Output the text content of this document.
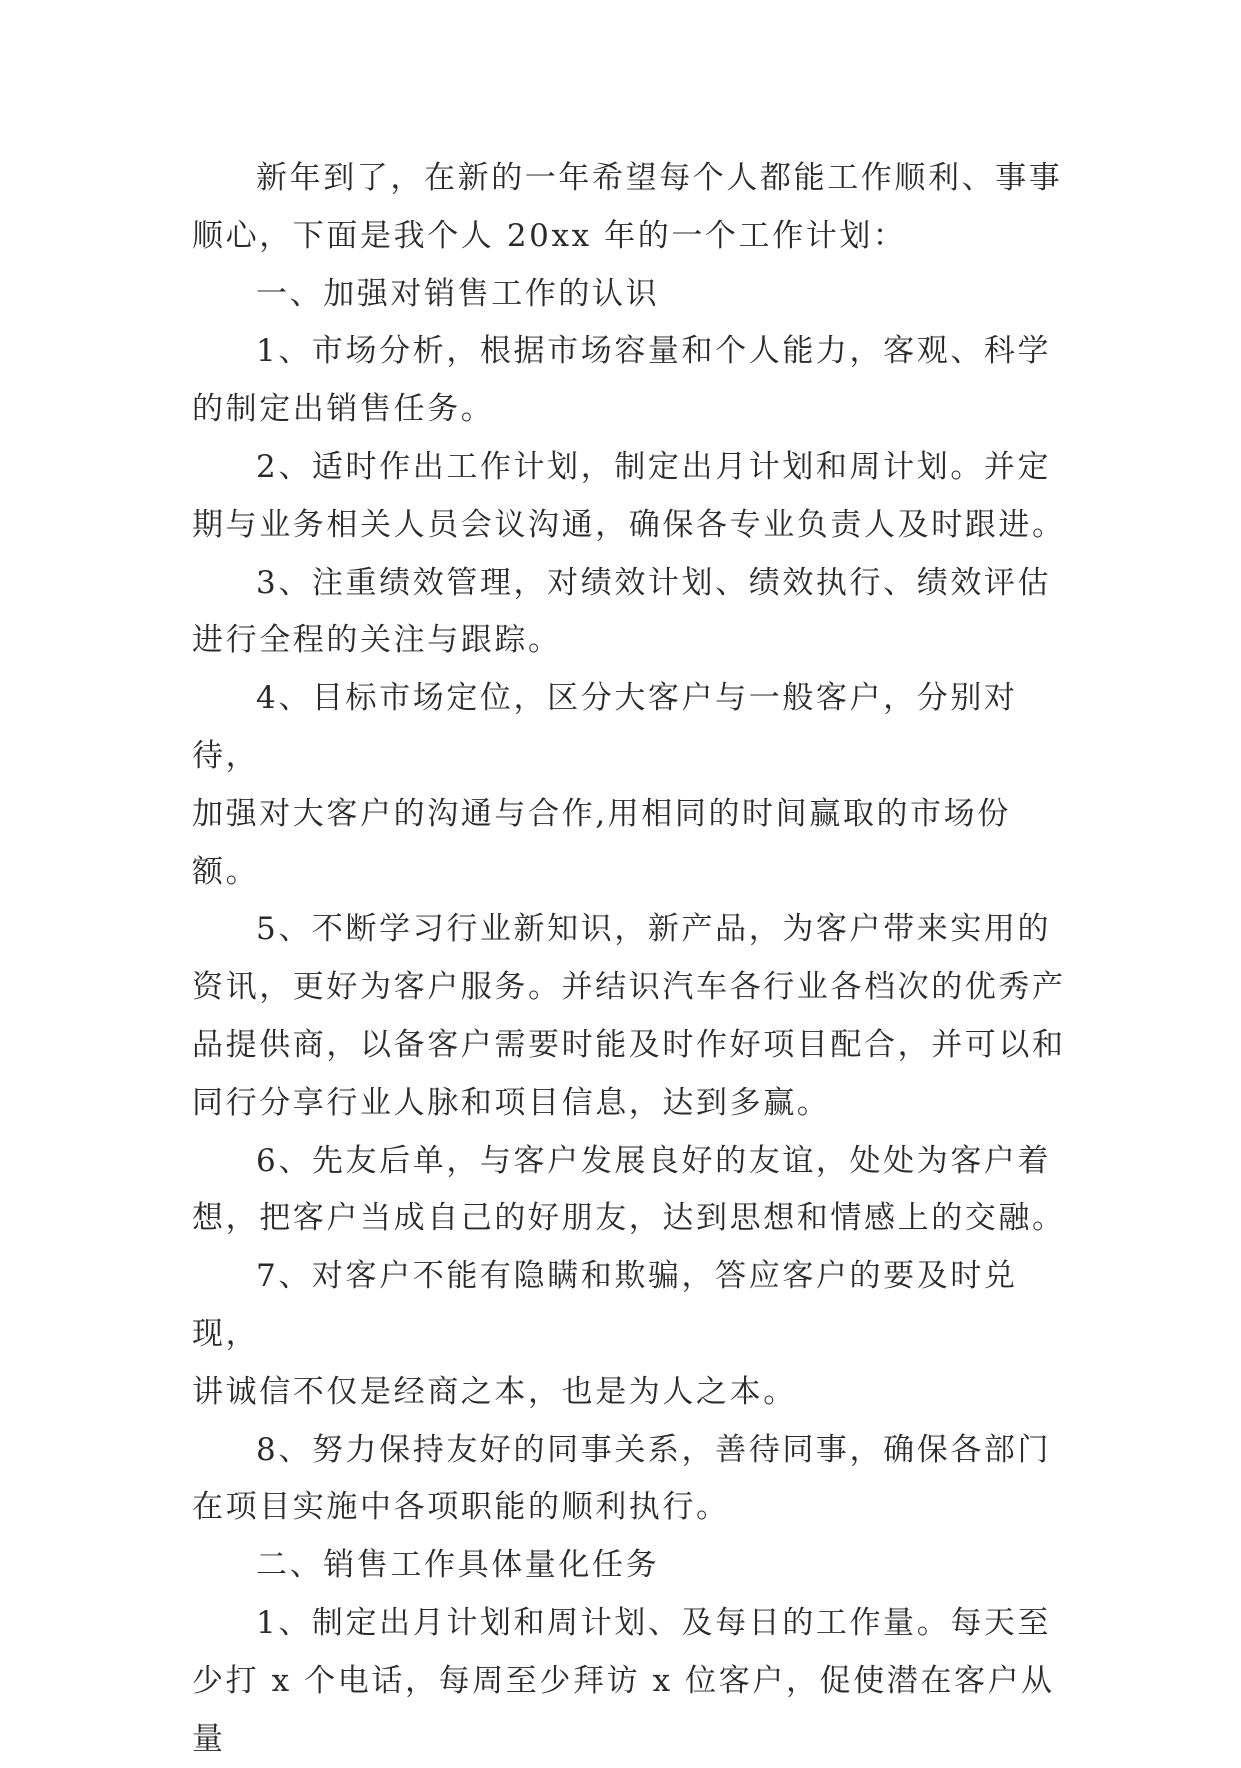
新年到了，在新的一年希望每个人都能工作顺利、事事
顺心，下面是我个人 20xx 年的一个工作计划：

一、加强对销售工作的认识

1、市场分析，根据市场容量和个人能力，客观、科学
的制定出销售任务。

2、适时作出工作计划，制定出月计划和周计划。并定
期与业务相关人员会议沟通，确保各专业负责人及时跟进。

3、注重绩效管理，对绩效计划、绩效执行、绩效评估
进行全程的关注与跟踪。

4、目标市场定位，区分大客户与一般客户，分别对待，
加强对大客户的沟通与合作,用相同的时间赢取的市场份额。

5、不断学习行业新知识，新产品，为客户带来实用的
资讯，更好为客户服务。并结识汽车各行业各档次的优秀产
品提供商，以备客户需要时能及时作好项目配合，并可以和
同行分享行业人脉和项目信息，达到多赢。

6、先友后单，与客户发展良好的友谊，处处为客户着
想，把客户当成自己的好朋友，达到思想和情感上的交融。

7、对客户不能有隐瞒和欺骗，答应客户的要及时兑现，
讲诚信不仅是经商之本，也是为人之本。

8、努力保持友好的同事关系，善待同事，确保各部门
在项目实施中各项职能的顺利执行。

二、销售工作具体量化任务

1、制定出月计划和周计划、及每日的工作量。每天至
少打 x 个电话，每周至少拜访 x 位客户，促使潜在客户从量
